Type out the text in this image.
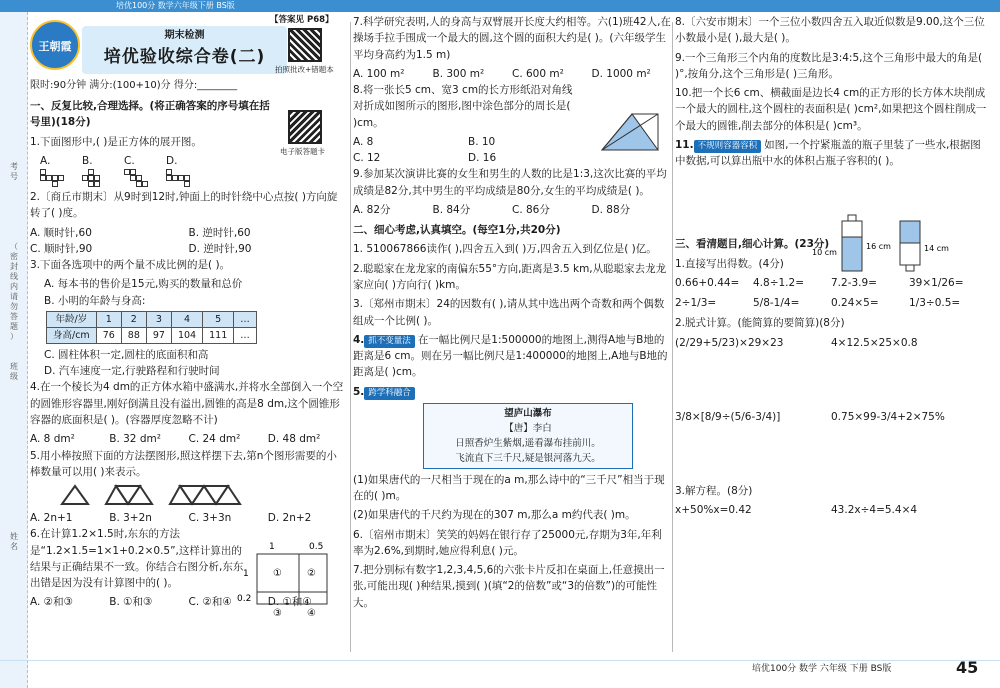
培优100分 数学六年级下册 BS版
考
号
（
密
封
线
内
请
勿
答
题
）
班
级
姓
名
王朝霞
期末检测
培优验收综合卷(二)
【答案见 P68】
拍照批改+错题本
限时:90分钟 满分:(100+10)分 得分:________
电子版答题卡
一、反复比较,合理选择。(将正确答案的序号填在括号里)(18分)
1.下面图形中,( )是正方体的展开图。
A.	B.	C.	D.
2.〔商丘市期末〕从9时到12时,钟面上的时针绕中心点按( )方向旋转了( )度。
A. 顺时针,60	B. 逆时针,60
C. 顺时针,90	D. 逆时针,90
3.下面各选项中的两个量不成比例的是( )。
A. 每本书的售价是15元,购买的数量和总价
B. 小明的年龄与身高:
年龄/岁	1	2	3	4	5	…
身高/cm	76	88	97	104	111	…
C. 圆柱体积一定,圆柱的底面积和高
D. 汽车速度一定,行驶路程和行驶时间
4.在一个棱长为4 dm的正方体水箱中盛满水,并将水全部倒入一个空的圆锥形容器里,刚好倒满且没有溢出,圆锥的高是8 dm,这个圆锥形容器的底面积是( )。(容器厚度忽略不计)
A. 8 dm²	B. 32 dm²	C. 24 dm²	D. 48 dm²
5.用小棒按照下面的方法摆图形,照这样摆下去,第n个图形需要的小棒数量可以用( )来表示。
A. 2n+1	B. 3+2n	C. 3+3n	D. 2n+2
6.在计算1.2×1.5时,东东的方法是“1.2×1.5=1×1+0.2×0.5”,这样计算出的结果与正确结果不一致。你结合右图分析,东东出错是因为没有计算图中的( )。
A. ②和③	B. ①和③	C. ②和④	D. ①和④
1	0.5
1
0.2
①	②
③	④
7.科学研究表明,人的身高与双臂展开长度大约相等。六(1)班42人,在操场手拉手围成一个最大的圆,这个圆的面积大约是( )。(六年级学生平均身高约为1.5 m)
A. 100 m²	B. 300 m²	C. 600 m²	D. 1000 m²
8.将一张长5 cm、宽3 cm的长方形纸沿对角线对折成如图所示的图形,图中涂色部分的周长是( )cm。
A. 8	B. 10
C. 12	D. 16
9.参加某次演讲比赛的女生和男生的人数的比是1:3,这次比赛的平均成绩是82分,其中男生的平均成绩是80分,女生的平均成绩是( )。
A. 82分	B. 84分	C. 86分	D. 88分
二、细心考虑,认真填空。(每空1分,共20分)
1. 510067866读作( ),四舍五入到( )万,四舍五入到亿位是( )亿。
2.聪聪家在龙龙家的南偏东55°方向,距离是3.5 km,从聪聪家去龙龙家应向( )方向行( )km。
3.〔郑州市期末〕24的因数有( ),请从其中选出两个奇数和两个偶数组成一个比例( )。
4. 抓不变量法 在一幅比例尺是1:500000的地图上,测得A地与B地的距离是6 cm。则在另一幅比例尺是1:400000的地图上,A地与B地的距离是( )cm。
5. 跨学科融合
望庐山瀑布
【唐】李白
日照香炉生紫烟,遥看瀑布挂前川。
飞流直下三千尺,疑是银河落九天。
(1)如果唐代的一尺相当于现在的a m,那么诗中的“三千尺”相当于现在的( )m。
(2)如果唐代的千尺约为现在的307 m,那么a m约代表( )m。
6.〔宿州市期末〕笑笑的妈妈在银行存了25000元,存期为3年,年利率为2.6%,到期时,她应得利息( )元。
7.把分别标有数字1,2,3,4,5,6的六张卡片反扣在桌面上,任意摸出一张,可能出现( )种结果,摸到( )(填“2的倍数”或“3的倍数”)的可能性大。
8.〔六安市期末〕一个三位小数四舍五入取近似数是9.00,这个三位小数最小是( ),最大是( )。
9.一个三角形三个内角的度数比是3:4:5,这个三角形中最大的角是( )°,按角分,这个三角形是( )三角形。
10.把一个长6 cm、横截面是边长4 cm的正方形的长方体木块削成一个最大的圆柱,这个圆柱的表面积是( )cm²,如果把这个圆柱削成一个最大的圆锥,削去部分的体积是( )cm³。
11. 不规则容器容积 如图,一个拧紧瓶盖的瓶子里装了一些水,根据图中数据,可以算出瓶中水的体积占瓶子容积的( )。
三、看清题目,细心计算。(23分)
1.直接写出得数。(4分)
0.66+0.44=	4.8÷1.2=	7.2-3.9=	39×1/26=
2÷1/3=	5/8-1/4=	0.24×5=	1/3÷0.5=
2.脱式计算。(能简算的要简算)(8分)
(2/29+5/23)×29×23	4×12.5×25×0.8
3/8×[8/9÷(5/6-3/4)]	0.75×99-3/4+2×75%
3.解方程。(8分)
x+50%x=0.42	43.2x÷4=5.4×4
10 cm
16 cm	14 cm
培优100分 数学 六年级 下册 BS版	45
